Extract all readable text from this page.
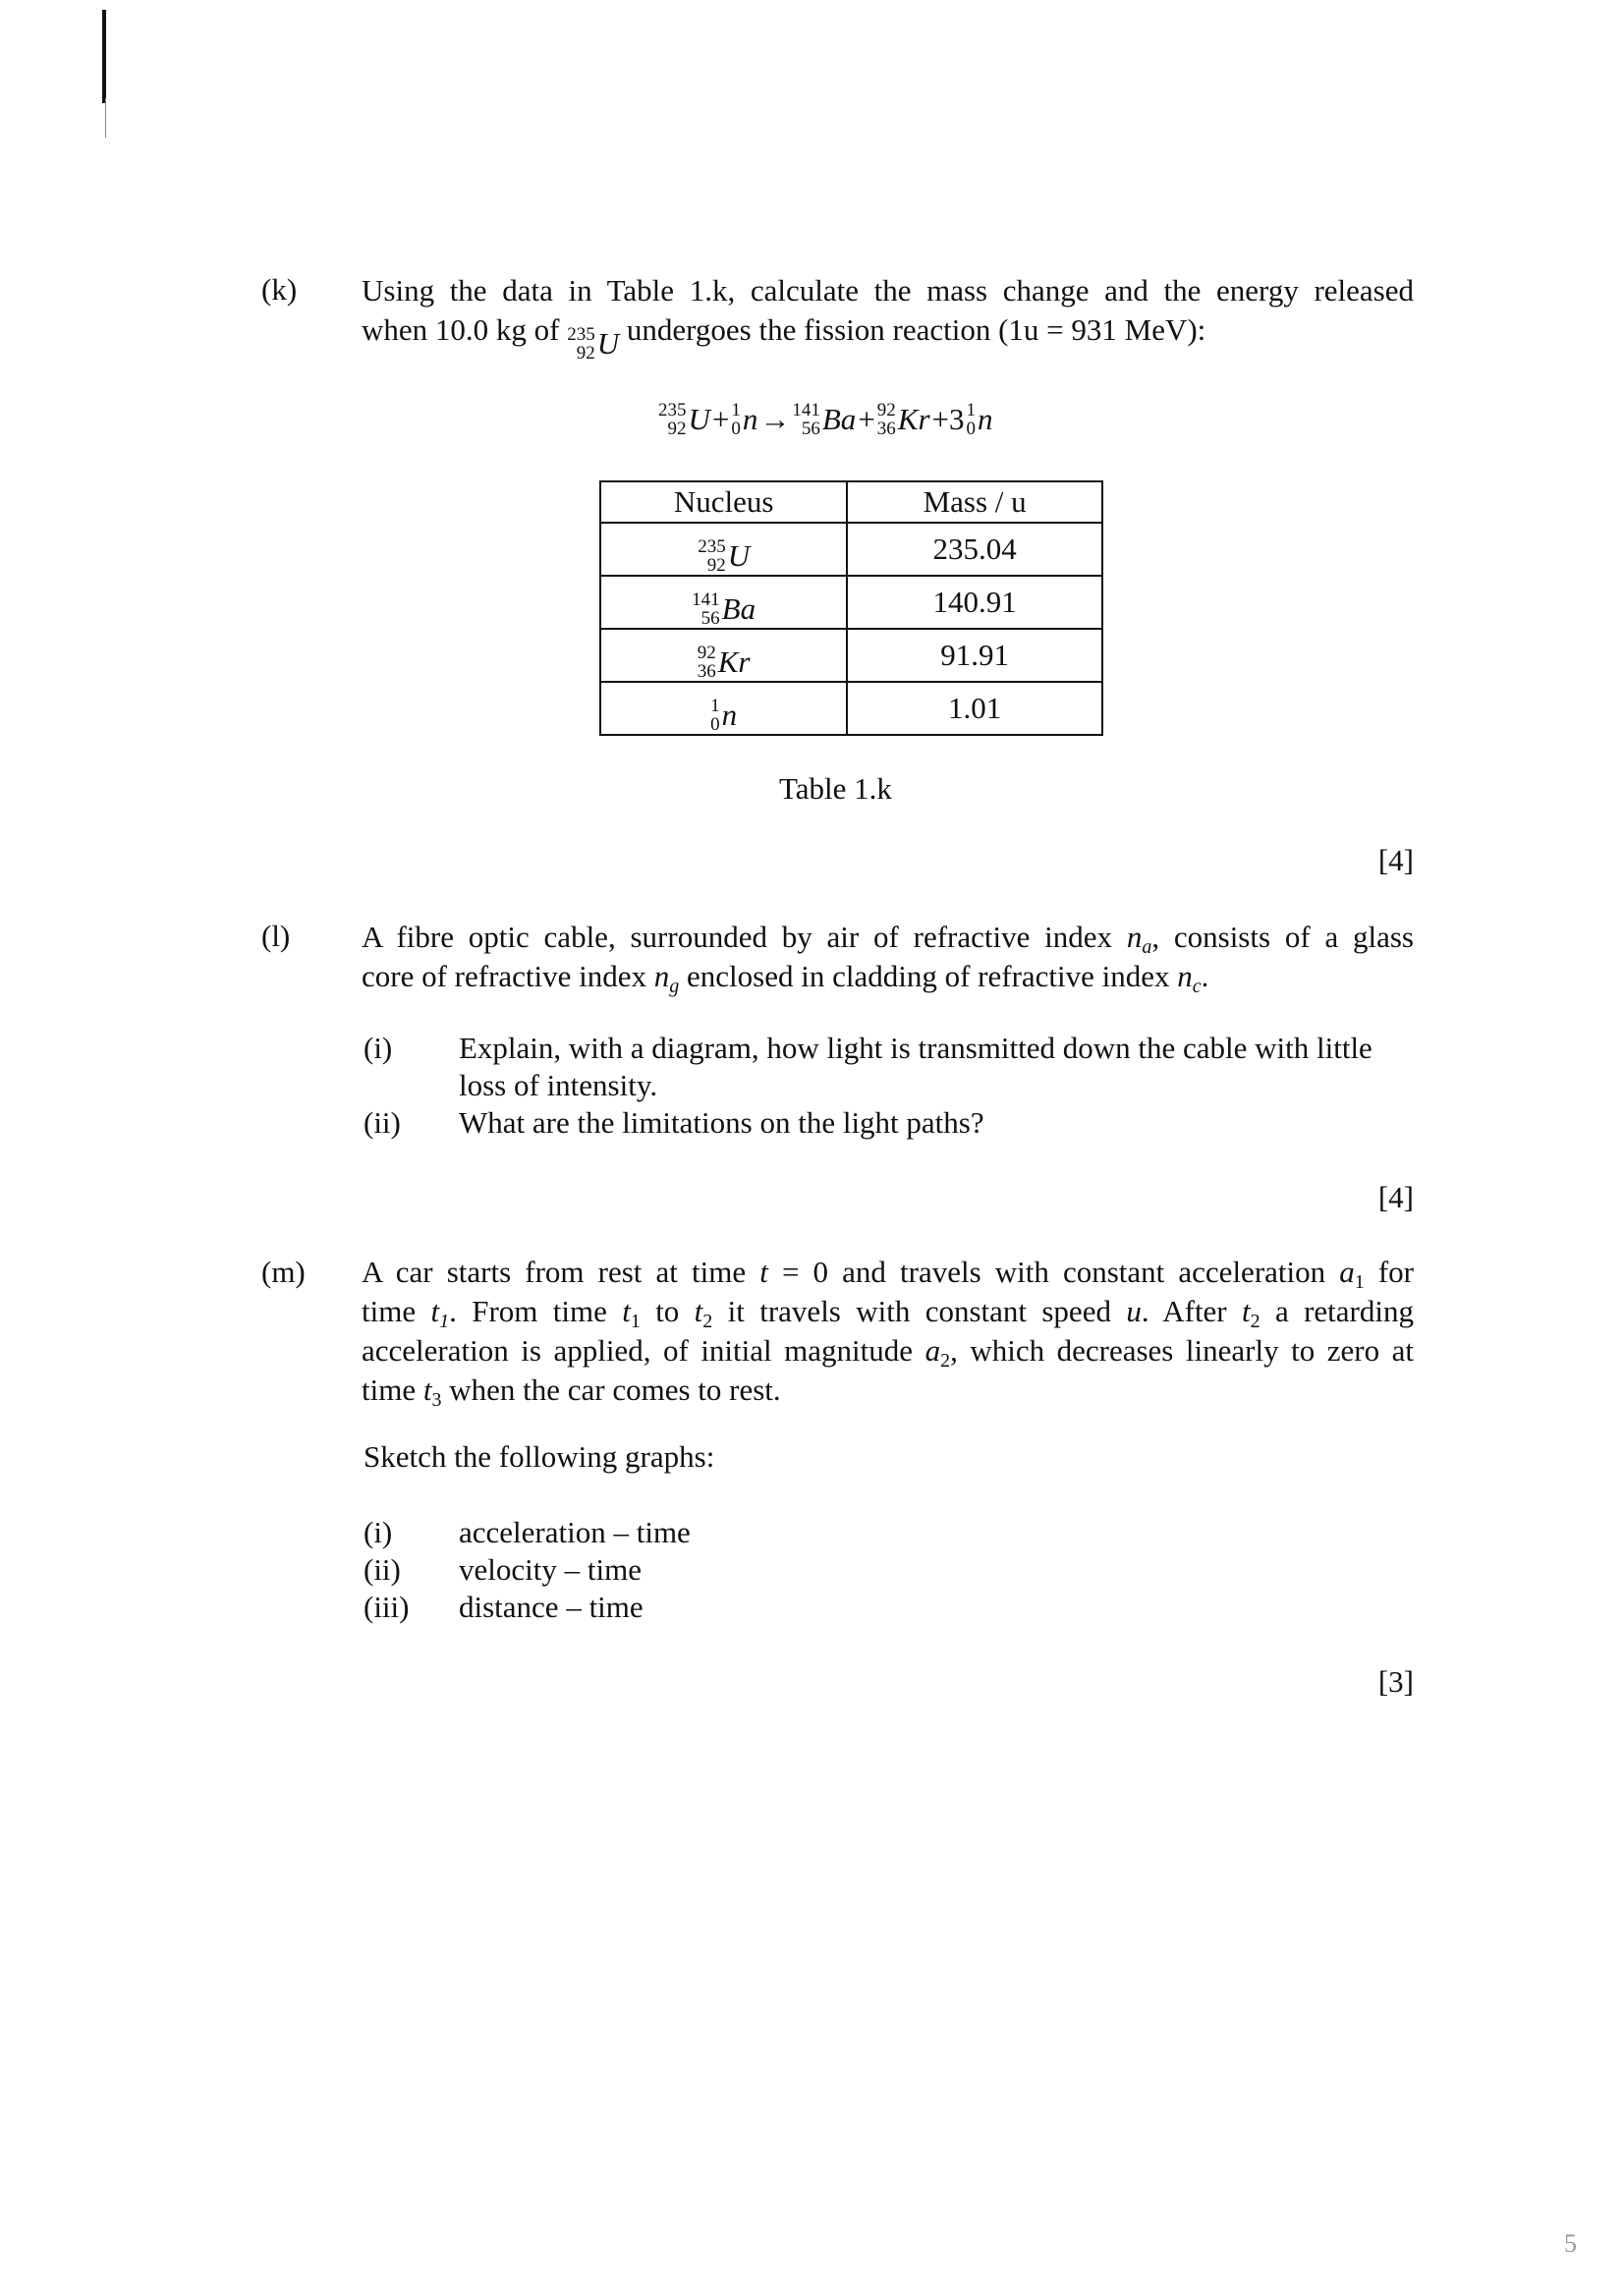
(k) Using the data in Table 1.k, calculate the mass change and the energy released
when 10.0 kg of 235
92 U undergoes the fission reaction (1u = 931 MeV):
235
92 U + 1
0 n → 141
56 Ba + 92
36 Kr +3 1
0 n
Nucleus	Mass / u

235
92 U	235.04

141
56 Ba	140.91

92
36 Kr	91.91

1
0 n	1.01
Table 1.k
[4]
(l) A fibre optic cable, surrounded by air of refractive index $n_a$, consists of a glass
core of refractive index $n_g$ enclosed in cladding of refractive index $n_c$.
(i) Explain, with a diagram, how light is transmitted down the cable with little
loss of intensity.
(ii) What are the limitations on the light paths?
[4]
(m) A car starts from rest at time t = 0 and travels with constant acceleration $a_1$ for
time $t_1$. From time $t_1$ to $t_2$ it travels with constant speed u. After $t_2$ a retarding
acceleration is applied, of initial magnitude $a_2$, which decreases linearly to zero at
time $t_3$ when the car comes to rest.
Sketch the following graphs:
(i) acceleration – time
(ii) velocity – time
(iii) distance – time
[3]
5
